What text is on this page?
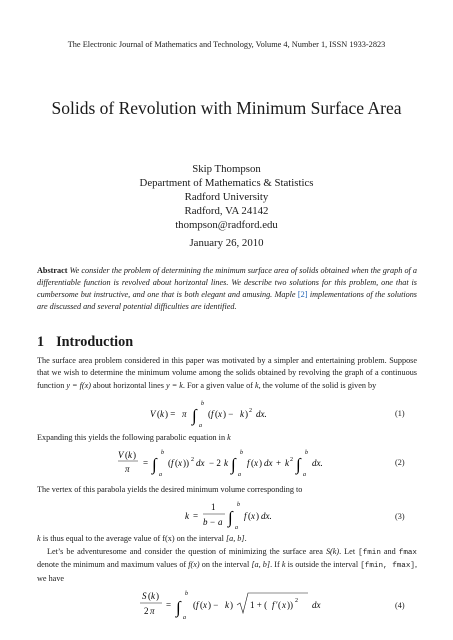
The Electronic Journal of Mathematics and Technology, Volume 4, Number 1, ISSN 1933-2823
Solids of Revolution with Minimum Surface Area
Skip Thompson
Department of Mathematics & Statistics
Radford University
Radford, VA 24142
thompson@radford.edu
January 26, 2010
Abstract We consider the problem of determining the minimum surface area of solids obtained when the graph of a differentiable function is revolved about horizontal lines. We describe two solutions for this problem, one that is cumbersome but instructive, and one that is both elegant and amusing. Maple [2] implementations of the solutions are discussed and several potential difficulties are identified.
1 Introduction
The surface area problem considered in this paper was motivated by a simpler and entertaining problem. Suppose that we wish to determine the minimum volume among the solids obtained by revolving the graph of a continuous function y = f(x) about horizontal lines y = k. For a given value of k, the volume of the solid is given by
V ( k ) = π ∫
b
a
( f ( x ) − k ) 2 dx.	(1)
Expanding this yields the following parabolic equation in k
V ( k )
π
= ∫
b
a
( f ( x )) 2 dx − 2 k ∫
b
a
f ( x ) dx + k 2 ∫
b
a
dx.	(2)
The vertex of this parabola yields the desired minimum volume corresponding to
k =
1
b − a ∫
b
a
f ( x ) dx.	(3)
k is thus equal to the average value of f(x) on the interval [a, b].
Let’s be adventuresome and consider the question of minimizing the surface area S(k). Let [fmin and fmax denote the minimum and maximum values of f(x) on the interval [a, b]. If k is outside the interval [fmin, fmax], we have
S ( k )
2 π
= ∫
b
a
( f ( x ) − k ) 1 + ( f ′( x )) 2 dx	(4)
